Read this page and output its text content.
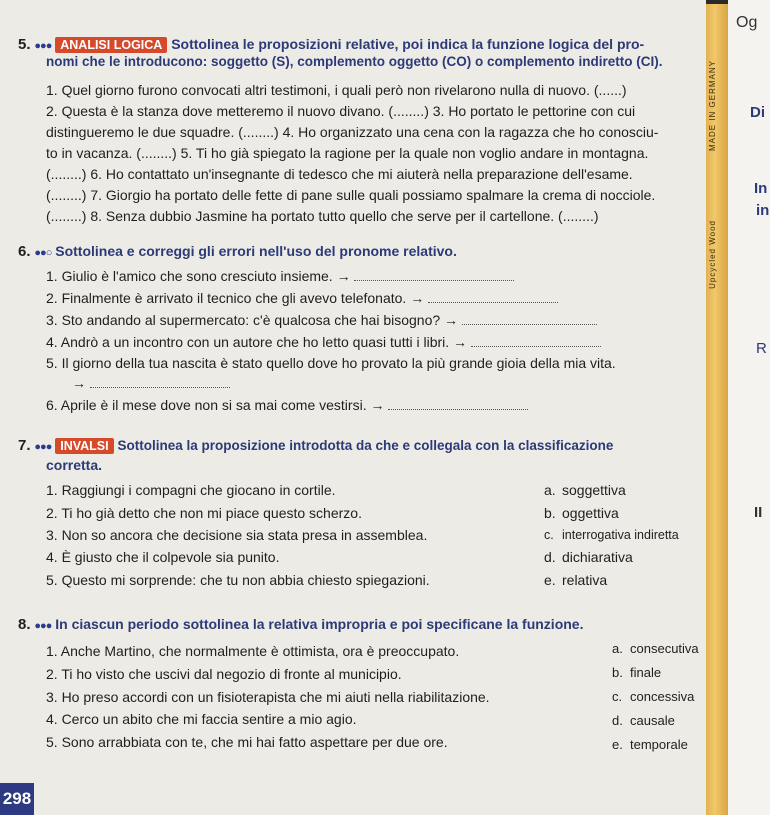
5. ●●● ANALISI LOGICA Sottolinea le proposizioni relative, poi indica la funzione logica del pro-
nomi che le introducono: soggetto (S), complemento oggetto (CO) o complemento indiretto (CI).
1. Quel giorno furono convocati altri testimoni, i quali però non rivelarono nulla di nuovo. (......)
2. Questa è la stanza dove metteremo il nuovo divano. (........) 3. Ho portato le pettorine con cui
distingueremo le due squadre. (........) 4. Ho organizzato una cena con la ragazza che ho conosciu-
to in vacanza. (........) 5. Ti ho già spiegato la ragione per la quale non voglio andare in montagna.
(........) 6. Ho contattato un'insegnante di tedesco che mi aiuterà nella preparazione dell'esame.
(........) 7. Giorgio ha portato delle fette di pane sulle quali possiamo spalmare la crema di nocciole.
(........) 8. Senza dubbio Jasmine ha portato tutto quello che serve per il cartellone. (........)
6. ●●○ Sottolinea e correggi gli errori nell'uso del pronome relativo.
1. Giulio è l'amico che sono cresciuto insieme. →
2. Finalmente è arrivato il tecnico che gli avevo telefonato. →
3. Sto andando al supermercato: c'è qualcosa che hai bisogno? →
4. Andrò a un incontro con un autore che ho letto quasi tutti i libri. →
5. Il giorno della tua nascita è stato quello dove ho provato la più grande gioia della mia vita.
→
6. Aprile è il mese dove non si sa mai come vestirsi. →
7. ●●● INVALSI Sottolinea la proposizione introdotta da che e collegala con la classificazione
corretta.
1. Raggiungi i compagni che giocano in cortile.
2. Ti ho già detto che non mi piace questo scherzo.
3. Non so ancora che decisione sia stata presa in assemblea.
4. È giusto che il colpevole sia punito.
5. Questo mi sorprende: che tu non abbia chiesto spiegazioni.
a. soggettiva
b. oggettiva
c. interrogativa indiretta
d. dichiarativa
e. relativa
8. ●●● In ciascun periodo sottolinea la relativa impropria e poi specificane la funzione.
1. Anche Martino, che normalmente è ottimista, ora è preoccupato.
2. Ti ho visto che uscivi dal negozio di fronte al municipio.
3. Ho preso accordi con un fisioterapista che mi aiuti nella riabilitazione.
4. Cerco un abito che mi faccia sentire a mio agio.
5. Sono arrabbiata con te, che mi hai fatto aspettare per due ore.
a. consecutiva
b. finale
c. concessiva
d. causale
e. temporale
298
MADE IN GERMANY
Upcycled Wood
Og
Di
In
in
R
II
